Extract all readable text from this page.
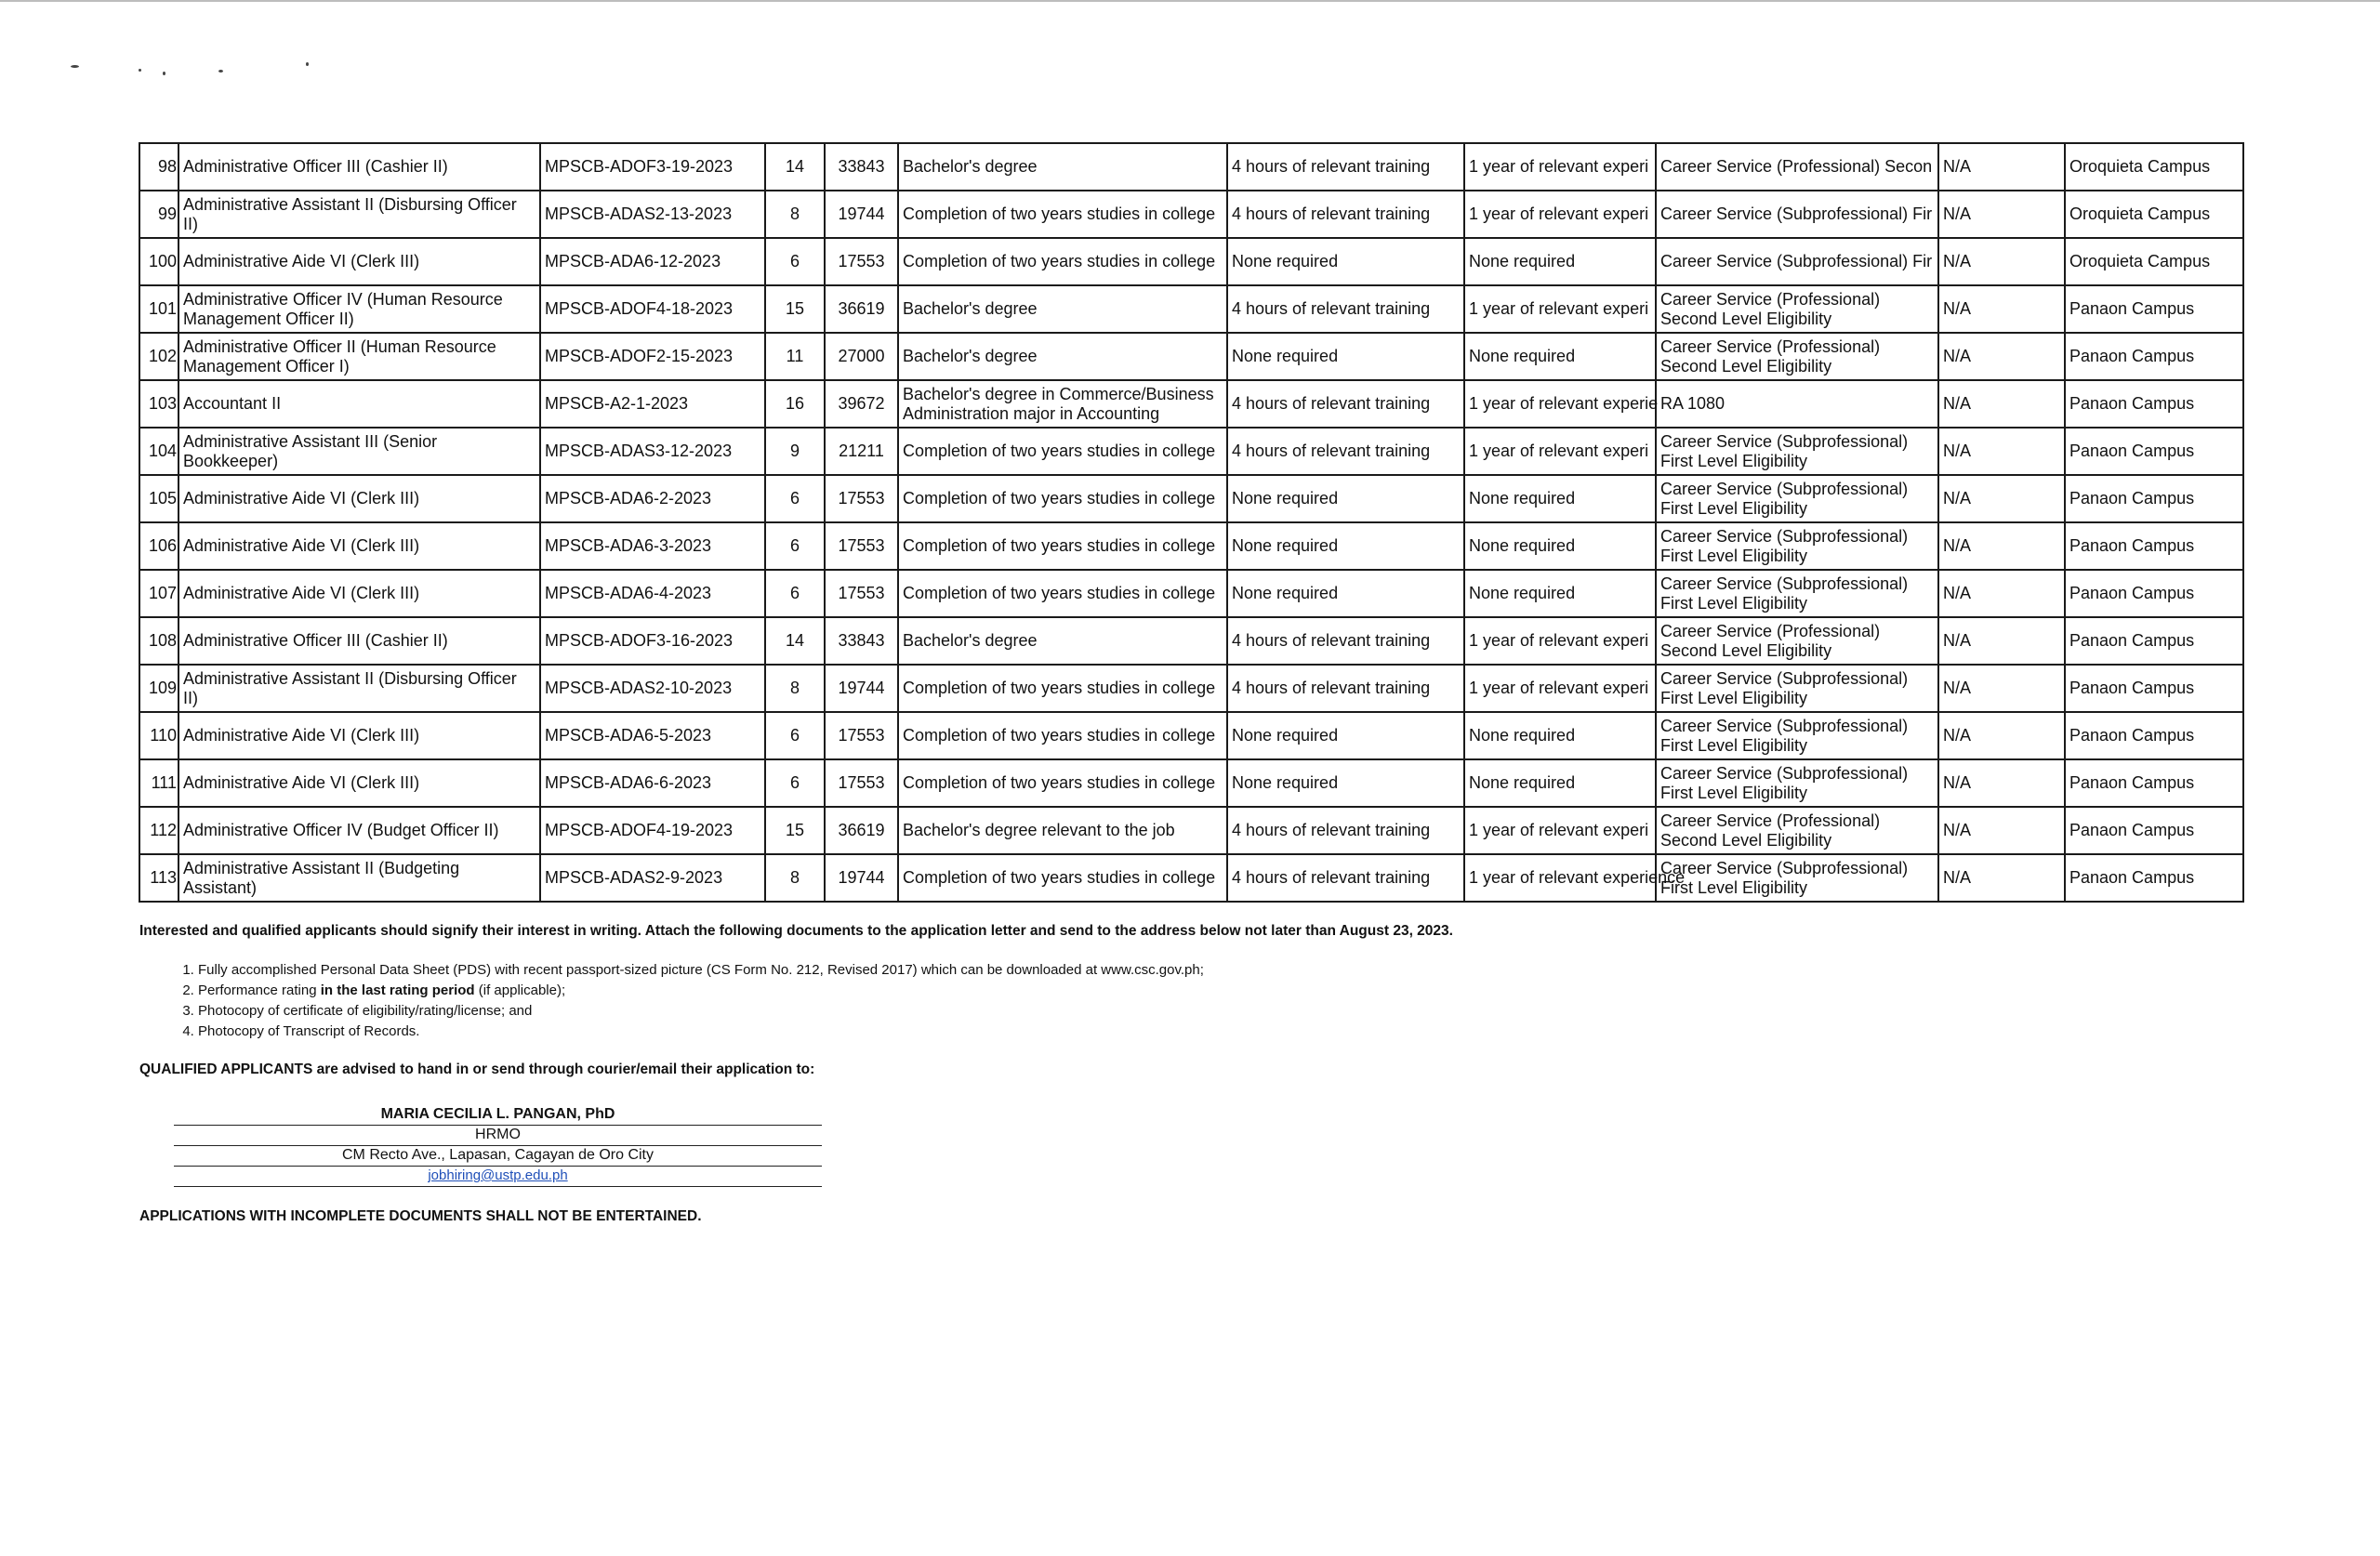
98	Administrative Officer III (Cashier II)	MPSCB-ADOF3-19-2023	14	33843	Bachelor's degree	4 hours of relevant training	1 year of relevant experi	Career Service (Professional) Secon	N/A	Oroquieta Campus
99	Administrative Assistant II (Disbursing Officer II)	MPSCB-ADAS2-13-2023	8	19744	Completion of two years studies in college	4 hours of relevant training	1 year of relevant experi	Career Service (Subprofessional) Fir	N/A	Oroquieta Campus
100	Administrative Aide VI (Clerk III)	MPSCB-ADA6-12-2023	6	17553	Completion of two years studies in college	None required	None required	Career Service (Subprofessional) Fir	N/A	Oroquieta Campus
101	Administrative Officer IV (Human Resource Management Officer II)	MPSCB-ADOF4-18-2023	15	36619	Bachelor's degree	4 hours of relevant training	1 year of relevant experi	Career Service (Professional) Second Level Eligibility	N/A	Panaon Campus
102	Administrative Officer II (Human Resource Management Officer I)	MPSCB-ADOF2-15-2023	11	27000	Bachelor's degree	None required	None required	Career Service (Professional) Second Level Eligibility	N/A	Panaon Campus
103	Accountant II	MPSCB-A2-1-2023	16	39672	Bachelor's degree in Commerce/Business Administration major in Accounting	4 hours of relevant training	1 year of relevant experie	RA 1080	N/A	Panaon Campus
104	Administrative Assistant III (Senior Bookkeeper)	MPSCB-ADAS3-12-2023	9	21211	Completion of two years studies in college	4 hours of relevant training	1 year of relevant experi	Career Service (Subprofessional) First Level Eligibility	N/A	Panaon Campus
105	Administrative Aide VI (Clerk III)	MPSCB-ADA6-2-2023	6	17553	Completion of two years studies in college	None required	None required	Career Service (Subprofessional) First Level Eligibility	N/A	Panaon Campus
106	Administrative Aide VI (Clerk III)	MPSCB-ADA6-3-2023	6	17553	Completion of two years studies in college	None required	None required	Career Service (Subprofessional) First Level Eligibility	N/A	Panaon Campus
107	Administrative Aide VI (Clerk III)	MPSCB-ADA6-4-2023	6	17553	Completion of two years studies in college	None required	None required	Career Service (Subprofessional) First Level Eligibility	N/A	Panaon Campus
108	Administrative Officer III (Cashier II)	MPSCB-ADOF3-16-2023	14	33843	Bachelor's degree	4 hours of relevant training	1 year of relevant experi	Career Service (Professional) Second Level Eligibility	N/A	Panaon Campus
109	Administrative Assistant II (Disbursing Officer II)	MPSCB-ADAS2-10-2023	8	19744	Completion of two years studies in college	4 hours of relevant training	1 year of relevant experi	Career Service (Subprofessional) First Level Eligibility	N/A	Panaon Campus
110	Administrative Aide VI (Clerk III)	MPSCB-ADA6-5-2023	6	17553	Completion of two years studies in college	None required	None required	Career Service (Subprofessional) First Level Eligibility	N/A	Panaon Campus
111	Administrative Aide VI (Clerk III)	MPSCB-ADA6-6-2023	6	17553	Completion of two years studies in college	None required	None required	Career Service (Subprofessional) First Level Eligibility	N/A	Panaon Campus
112	Administrative Officer IV (Budget Officer II)	MPSCB-ADOF4-19-2023	15	36619	Bachelor's degree relevant to the job	4 hours of relevant training	1 year of relevant experi	Career Service (Professional) Second Level Eligibility	N/A	Panaon Campus
113	Administrative Assistant II (Budgeting Assistant)	MPSCB-ADAS2-9-2023	8	19744	Completion of two years studies in college	4 hours of relevant training	1 year of relevant experience	Career Service (Subprofessional) First Level Eligibility	N/A	Panaon Campus
Interested and qualified applicants should signify their interest in writing. Attach the following documents to the application letter and send to the address below not later than August 23, 2023.
1. Fully accomplished Personal Data Sheet (PDS) with recent passport-sized picture (CS Form No. 212, Revised 2017) which can be downloaded at www.csc.gov.ph;
2. Performance rating in the last rating period (if applicable);
3. Photocopy of certificate of eligibility/rating/license; and
4. Photocopy of Transcript of Records.
QUALIFIED APPLICANTS are advised to hand in or send through courier/email their application to:
MARIA CECILIA L. PANGAN, PhD
HRMO
CM Recto Ave., Lapasan, Cagayan de Oro City
jobhiring@ustp.edu.ph
APPLICATIONS WITH INCOMPLETE DOCUMENTS SHALL NOT BE ENTERTAINED.
